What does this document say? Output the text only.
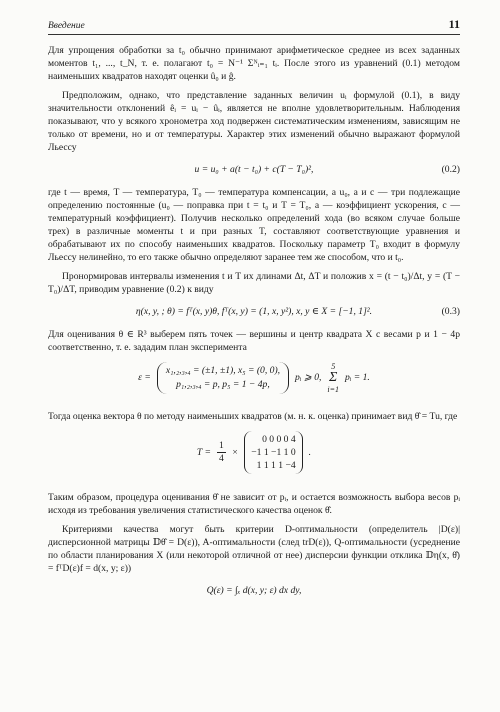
Введение	11

Для упрощения обработки за t₀ обычно принимают арифметическое среднее из всех заданных моментов t₁, ..., t_N, т. е. полагают t₀ = N⁻¹ Σᴺᵢ₌₁ tᵢ. После этого из уравнений (0.1) методом наименьших квадратов находят оценки û₀ и ĝ.

Предположим, однако, что представление заданных величин uᵢ формулой (0.1), в виду значительности отклонений êᵢ = uᵢ − ûᵢ, является не вполне удовлетворительным. Наблюдения показывают, что у всякого хронометра ход подвержен систематическим изменениям, зависящим не только от времени, но и от температуры. Характер этих изменений обычно выражают формулой Льессу

u = u₀ + a(t − t₀) + c(T − T₀)²,	(0.2)

где t — время, T — температура, T₀ — температура компенсации, а u₀, a и c — три подлежащие определению постоянные (u₀ — поправка при t = t₀ и T = T₀, a — коэффициент ускорения, c — температурный коэффициент). Получив несколько определений хода (во всяком случае больше трех) в различные моменты t и при разных T, составляют соответствующие уравнения и обрабатывают их по способу наименьших квадратов. Поскольку параметр T₀ входит в формулу Льессу нелинейно, то его также обычно определяют заранее тем же способом, что и t₀.

Пронормировав интервалы изменения t и T их длинами Δt, ΔT и положив x = (t − t₀)/Δt, y = (T − T₀)/ΔT, приводим уравнение (0.2) к виду

η(x, y, ; θ) = fᵀ(x, y)θ, fᵀ(x, y) = (1, x, y²), x, y ∈ X = [−1, 1]².	(0.3)

Для оценивания θ ∈ R³ выберем пять точек — вершины и центр квадрата X с весами p и 1 − 4p соответственно, т. е. зададим план эксперимента

ε =
x₁,₂,₃,₄ = (±1, ±1), x₅ = (0, 0),
p₁,₂,₃,₄ = p, p₅ = 1 − 4p,
pᵢ ⩾ 0,
5
Σ
i=1
pᵢ = 1.

Тогда оценка вектора θ по методу наименьших квадратов (м. н. к. оценка) принимает вид θ̂ = Tu, где

$T = \frac{1}{4}$ ×
0 0 0 0 4
−1 1 −1 1 0
1 1 1 1 −4
.

Таким образом, процедура оценивания θ̂ не зависит от pᵢ, и остается возможность выбора весов pᵢ исходя из требования увеличения статистического качества оценок θ̂.

Критериями качества могут быть критерии D-оптимальности (определитель |D(ε)| дисперсионной матрицы 𝔻θ̂ = D(ε)), A-оптимальности (след trD(ε)), Q-оптимальности (усреднение по области планирования X (или некоторой отличной от нее) дисперсии функции отклика 𝔻η(x, θ̂) = fᵀD(ε)f = d(x, y; ε))

Q(ε) = ∫ₓ d(x, y; ε) dx dy,
